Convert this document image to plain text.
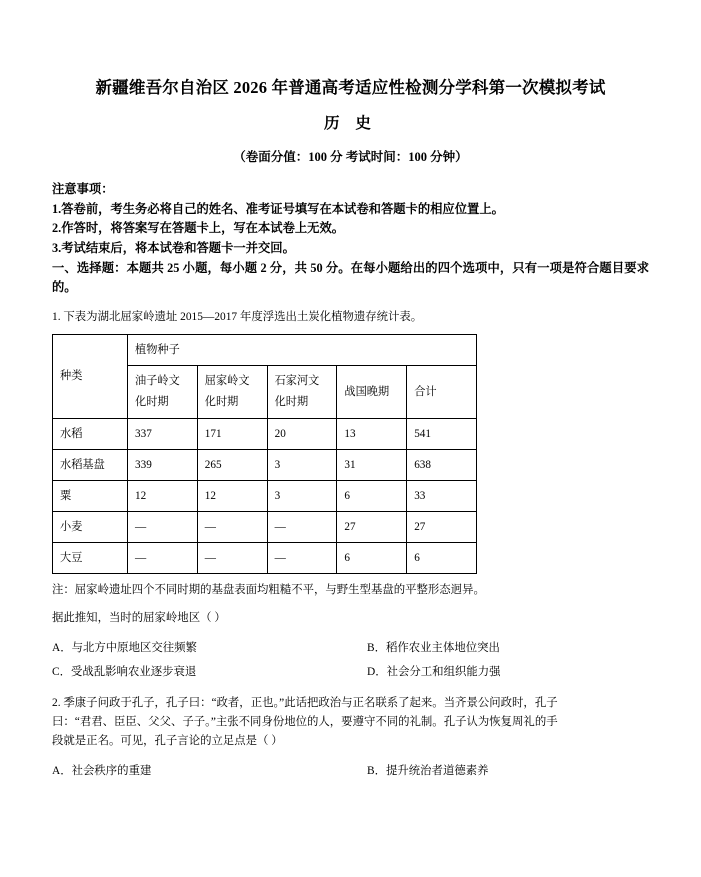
新疆维吾尔自治区 2026 年普通高考适应性检测分学科第一次模拟考试
历 史

（卷面分值：100 分 考试时间：100 分钟）

注意事项：

1.答卷前，考生务必将自己的姓名、准考证号填写在本试卷和答题卡的相应位置上。

2.作答时，将答案写在答题卡上，写在本试卷上无效。

3.考试结束后，将本试卷和答题卡一并交回。

一、选择题：本题共 25 小题，每小题 2 分，共 50 分。在每小题给出的四个选项中，只有一项是符合题目要求的。

1. 下表为湖北屈家岭遗址 2015—2017 年度浮选出土炭化植物遗存统计表。

种类	植物种子				
	油子岭文化时期	屈家岭文化时期	石家河文化时期	战国晚期	合计
水稻	337	171	20	13	541
水稻基盘	339	265	3	31	638
粟	12	12	3	6	33
小麦	—	—	—	27	27
大豆	—	—	—	6	6

注：屈家岭遗址四个不同时期的基盘表面均粗糙不平，与野生型基盘的平整形态迥异。

据此推知，当时的屈家岭地区（ ）

A．与北方中原地区交往频繁	B．稻作农业主体地位突出
C．受战乱影响农业逐步衰退	D．社会分工和组织能力强

2. 季康子问政于孔子，孔子曰：“政者，正也。”此话把政治与正名联系了起来。当齐景公问政时，孔子

曰：“君君、臣臣、父父、子子。”主张不同身份地位的人，要遵守不同的礼制。孔子认为恢复周礼的手

段就是正名。可见，孔子言论的立足点是（ ）

A．社会秩序的重建	B．提升统治者道德素养
